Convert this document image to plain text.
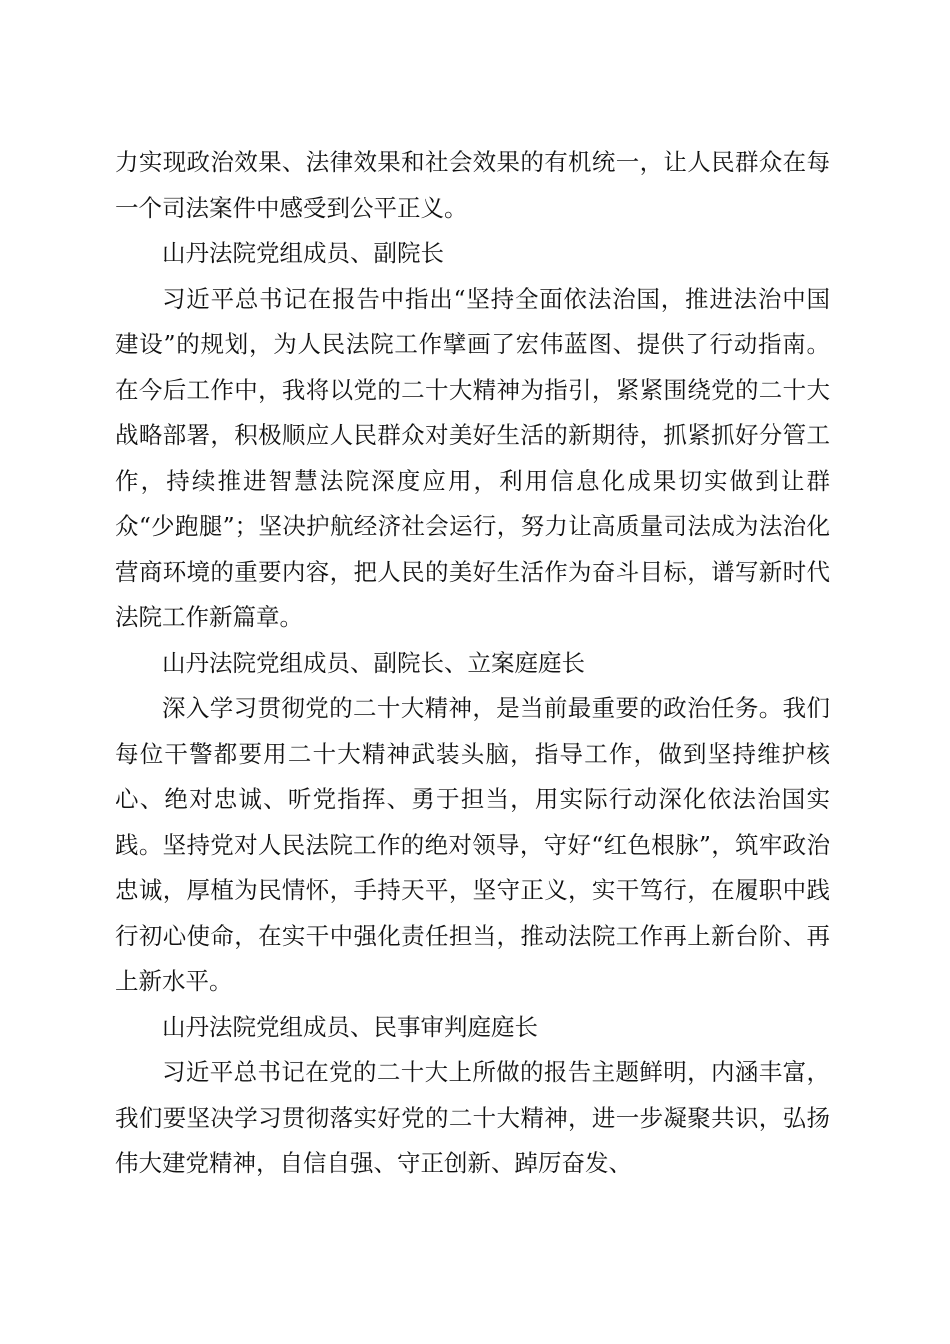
力实现政治效果、法律效果和社会效果的有机统一，让人民群众在每一个司法案件中感受到公平正义。

山丹法院党组成员、副院长

习近平总书记在报告中指出“坚持全面依法治国，推进法治中国建设”的规划，为人民法院工作擘画了宏伟蓝图、提供了行动指南。在今后工作中，我将以党的二十大精神为指引，紧紧围绕党的二十大战略部署，积极顺应人民群众对美好生活的新期待，抓紧抓好分管工作，持续推进智慧法院深度应用，利用信息化成果切实做到让群众“少跑腿”；坚决护航经济社会运行，努力让高质量司法成为法治化营商环境的重要内容，把人民的美好生活作为奋斗目标，谱写新时代法院工作新篇章。

山丹法院党组成员、副院长、立案庭庭长

深入学习贯彻党的二十大精神，是当前最重要的政治任务。我们每位干警都要用二十大精神武装头脑，指导工作，做到坚持维护核心、绝对忠诚、听党指挥、勇于担当，用实际行动深化依法治国实践。坚持党对人民法院工作的绝对领导，守好“红色根脉”，筑牢政治忠诚，厚植为民情怀，手持天平，坚守正义，实干笃行，在履职中践行初心使命，在实干中强化责任担当，推动法院工作再上新台阶、再上新水平。

山丹法院党组成员、民事审判庭庭长

习近平总书记在党的二十大上所做的报告主题鲜明，内涵丰富，我们要坚决学习贯彻落实好党的二十大精神，进一步凝聚共识，弘扬伟大建党精神，自信自强、守正创新、踔厉奋发、
